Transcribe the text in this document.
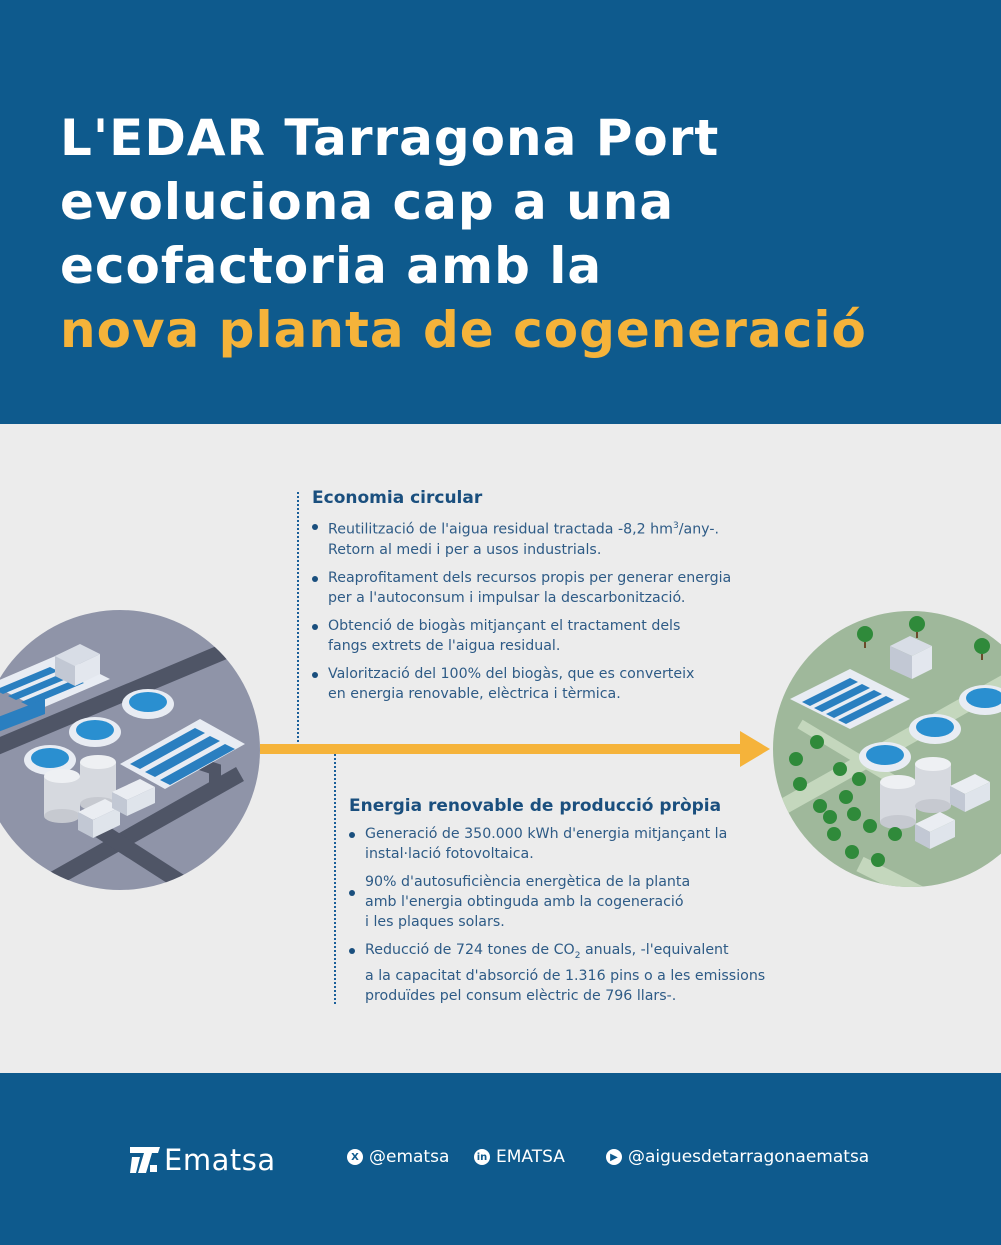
L'EDAR Tarragona Port
evoluciona cap a una
ecofactoria amb la
nova planta de cogeneració
Economia circular
Reutilització de l'aigua residual tractada -8,2 $hm^3/any-$.
Retorn al medi i per a usos industrials.
Reaprofitament dels recursos propis per generar energia
per a l'autoconsum i impulsar la descarbonització.
Obtenció de biogàs mitjançant el tractament dels
fangs extrets de l'aigua residual.
Valorització del 100% del biogàs, que es converteix
en energia renovable, elèctrica i tèrmica.
Energia renovable de producció pròpia
Generació de 350.000 kWh d'energia mitjançant la
instal·lació fotovoltaica.
90% d'autosuficiència energètica de la planta
amb l'energia obtinguda amb la cogeneració
i les plaques solars.
Reducció de 724 tones de $CO_2$ anuals, -l'equivalent
a la capacitat d'absorció de 1.316 pins o a les emissions
produïdes pel consum elèctric de 796 llars-.
Ematsa	X @ematsa	in EMATSA	▶ @aiguesdetarragonaematsa
